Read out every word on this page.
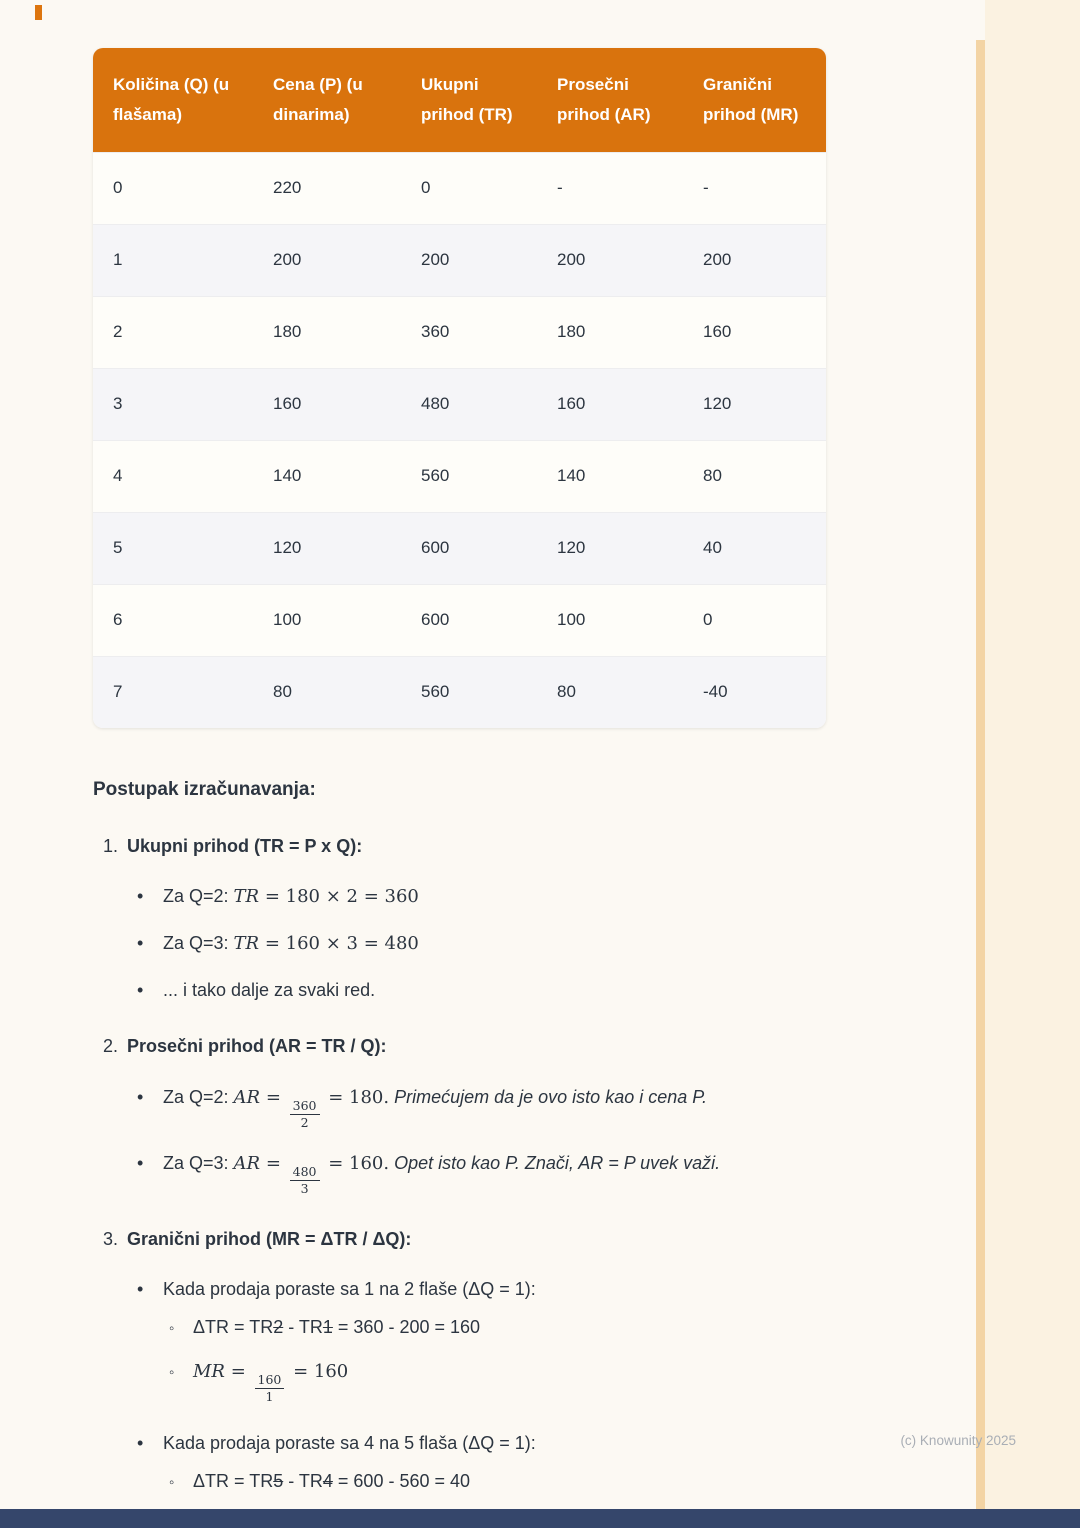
(c) Knowunity 2025
Količina (Q) (u flašama)	Cena (P) (u dinarima)	Ukupni prihod (TR)	Prosečni prihod (AR)	Granični prihod (MR)
0	220	0	-	-
1	200	200	200	200
2	180	360	180	160
3	160	480	160	120
4	140	560	140	80
5	120	600	120	40
6	100	600	100	0
7	80	560	80	-40
Postupak izračunavanja:
1. Ukupni prihod (TR = P x Q):
•	Za Q=2: TR = 180 × 2 = 360
•	Za Q=3: TR = 160 × 3 = 480
•	... i tako dalje za svaki red.
2. Prosečni prihod (AR = TR / Q):
•	Za Q=2: AR =
$\frac{360}{2}$
= 180. Primećujem da je ovo isto kao i cena P.
•	Za Q=3: AR =
$\frac{480}{3}$
= 160. Opet isto kao P. Znači, AR = P uvek važi.
3. Granični prihod (MR = ΔTR / ΔQ):
•	Kada prodaja poraste sa 1 na 2 flaše (ΔQ = 1):
◦	ΔTR = TR2 - TR1 = 360 - 200 = 160
◦	MR =
$\frac{160}{1}$
= 160
•	Kada prodaja poraste sa 4 na 5 flaša (ΔQ = 1):
◦	ΔTR = TR5 - TR4 = 600 - 560 = 40
